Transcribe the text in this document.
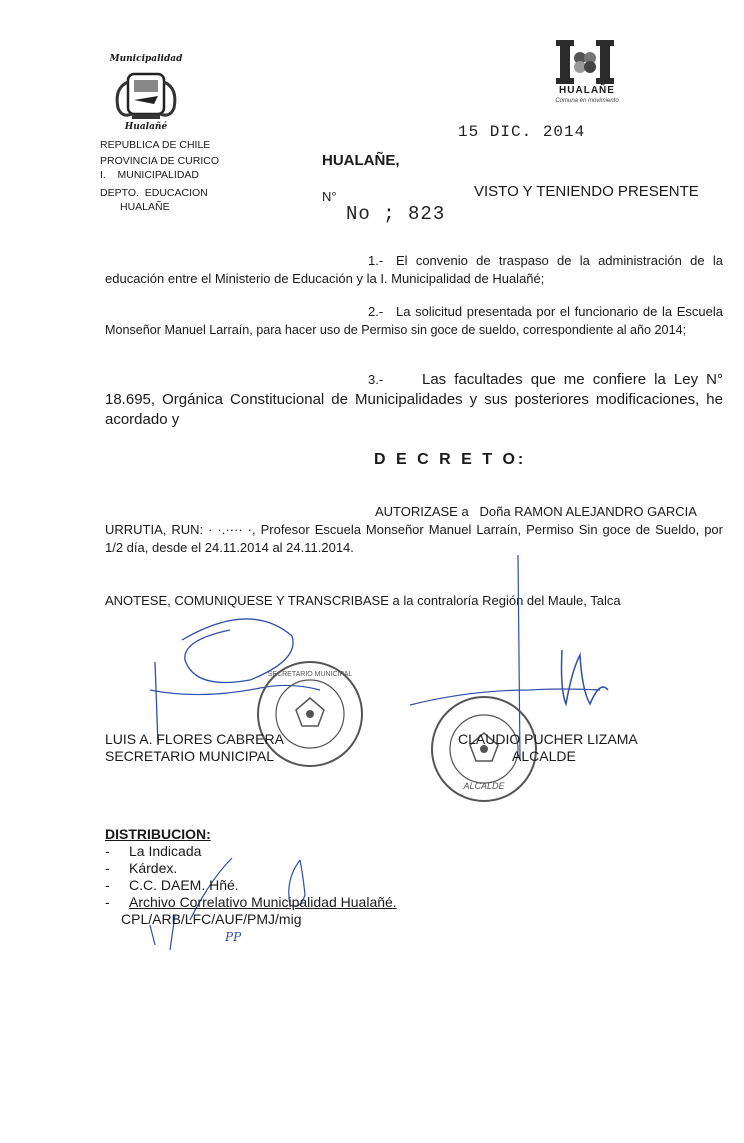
Municipalidad
Hualañé
REPUBLICA DE CHILE
PROVINCIA DE CURICO
I.    MUNICIPALIDAD
DEPTO.  EDUCACION
HUALAÑE
HUALAÑE
Comuna en movimiento
15 DIC. 2014
HUALAÑE,
N°
No ; 823
VISTO Y TENIENDO PRESENTE
1.- El convenio de traspaso de la administración de la
educación entre el Ministerio de Educación y la I. Municipalidad de Hualañé;
2.- La solicitud presentada por el funcionario de la Escuela
Monseñor Manuel Larraín, para hacer uso de Permiso sin goce de sueldo, correspondiente al año 2014;
3.-	Las facultades que me confiere la Ley N°
18.695, Orgánica Constitucional de Municipalidades y sus posteriores modificaciones, he acordado y
D E C R E T O:
AUTORIZASE a   Doña RAMON ALEJANDRO GARCIA
URRUTIA, RUN: · ·.···· ·, Profesor Escuela Monseñor Manuel Larraín, Permiso Sin goce de Sueldo, por 1/2 día, desde el 24.11.2014 al 24.11.2014.
ANOTESE, COMUNIQUESE Y TRANSCRIBASE a la contraloría Región del Maule, Talca
SECRETARIO MUNICIPAL
ALCALDE
LUIS A. FLORES CABRERA
SECRETARIO MUNICIPAL
CLAUDIO PUCHER LIZAMA
ALCALDE
DISTRIBUCION:
- La Indicada
- Kárdex.
- C.C. DAEM. Hñé.
- Archivo Correlativo Municipalidad Hualañé.
CPL/ARB/LFC/AUF/PMJ/mig
PP
